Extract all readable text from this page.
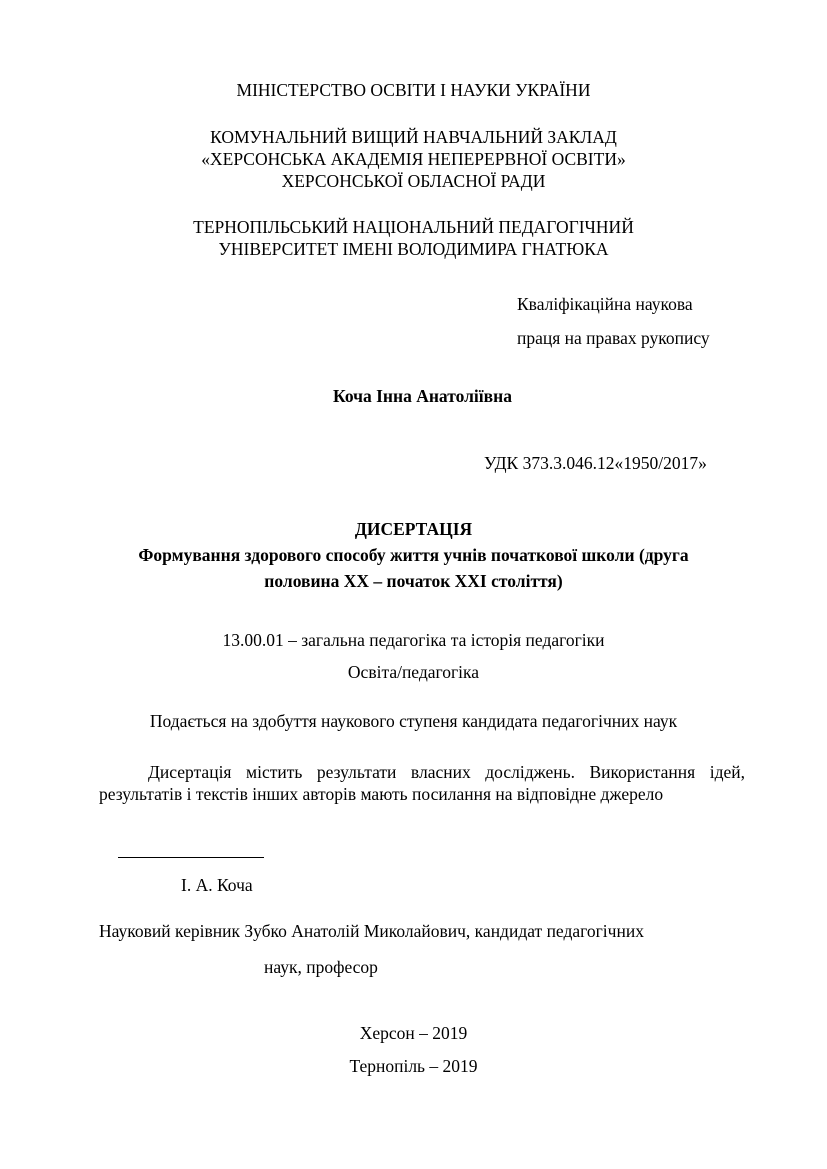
МІНІСТЕРСТВО ОСВІТИ І НАУКИ УКРАЇНИ
КОМУНАЛЬНИЙ ВИЩИЙ НАВЧАЛЬНИЙ ЗАКЛАД
«ХЕРСОНСЬКА АКАДЕМІЯ НЕПЕРЕРВНОЇ ОСВІТИ»
ХЕРСОНСЬКОЇ ОБЛАСНОЇ РАДИ
ТЕРНОПІЛЬСЬКИЙ НАЦІОНАЛЬНИЙ ПЕДАГОГІЧНИЙ
УНІВЕРСИТЕТ ІМЕНІ ВОЛОДИМИРА ГНАТЮКА
Кваліфікаційна наукова
праця на правах рукопису
Коча Інна Анатоліївна
УДК 373.3.046.12«1950/2017»
ДИСЕРТАЦІЯ
Формування здорового способу життя учнів початкової школи (друга
половина ХХ – початок ХХІ століття)
13.00.01 – загальна педагогіка та історія педагогіки
Освіта/педагогіка
Подається на здобуття наукового ступеня кандидата педагогічних наук
Дисертація містить результати власних досліджень. Використання ідей,
результатів і текстів інших авторів мають посилання на відповідне джерело
І. А. Коча
Науковий керівник Зубко Анатолій Миколайович, кандидат педагогічних
наук, професор
Херсон – 2019
Тернопіль – 2019
